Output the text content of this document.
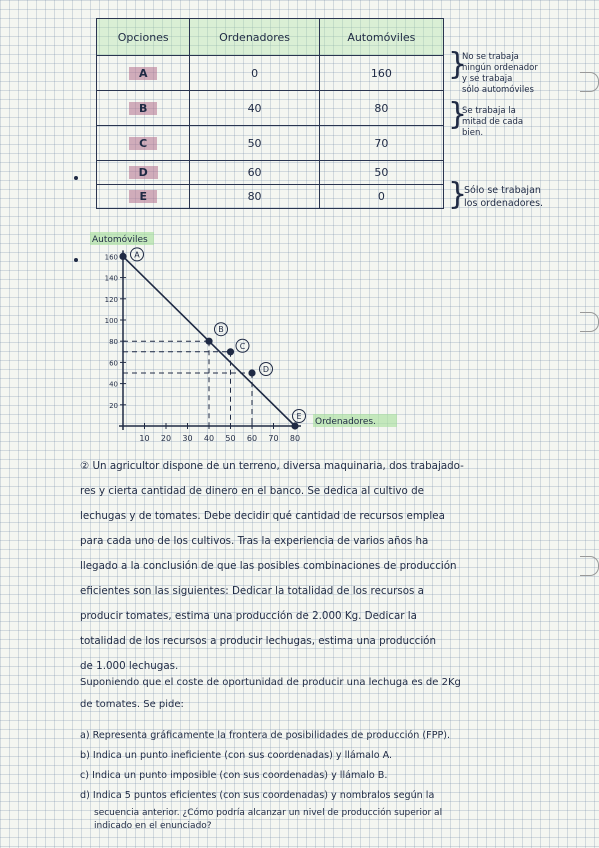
Opciones	Ordenadores	Automóviles
A	0	160
B	40	80
C	50	70
D	60	50
E	80	0
}
No se trabaja
ningún ordenador
y se trabaja
sólo automóviles
}
Se trabaja la
mitad de cada
bien.
}
Sólo se trabajan
los ordenadores.
Automóviles
160
140
120
100
80
60
40
20
10 20 30 40 50 60 70 80
A
B
C
D
E
Ordenadores.

② Un agricultor dispone de un terreno, diversa maquinaria, dos trabajado-

res y cierta cantidad de dinero en el banco. Se dedica al cultivo de

lechugas y de tomates. Debe decidir qué cantidad de recursos emplea

para cada uno de los cultivos. Tras la experiencia de varios años ha

llegado a la conclusión de que las posibles combinaciones de producción

eficientes son las siguientes: Dedicar la totalidad de los recursos a

producir tomates, estima una producción de 2.000 Kg. Dedicar la

totalidad de los recursos a producir lechugas, estima una producción

de 1.000 lechugas.

Suponiendo que el coste de oportunidad de producir una lechuga es de 2Kg

de tomates. Se pide:

a) Representa gráficamente la frontera de posibilidades de producción (FPP).
b) Indica un punto ineficiente (con sus coordenadas) y llámalo A.
c) Indica un punto imposible (con sus coordenadas) y llámalo B.
d) Indica 5 puntos eficientes (con sus coordenadas) y nombralos según la
secuencia anterior. ¿Cómo podría alcanzar un nivel de producción superior al
indicado en el enunciado?
